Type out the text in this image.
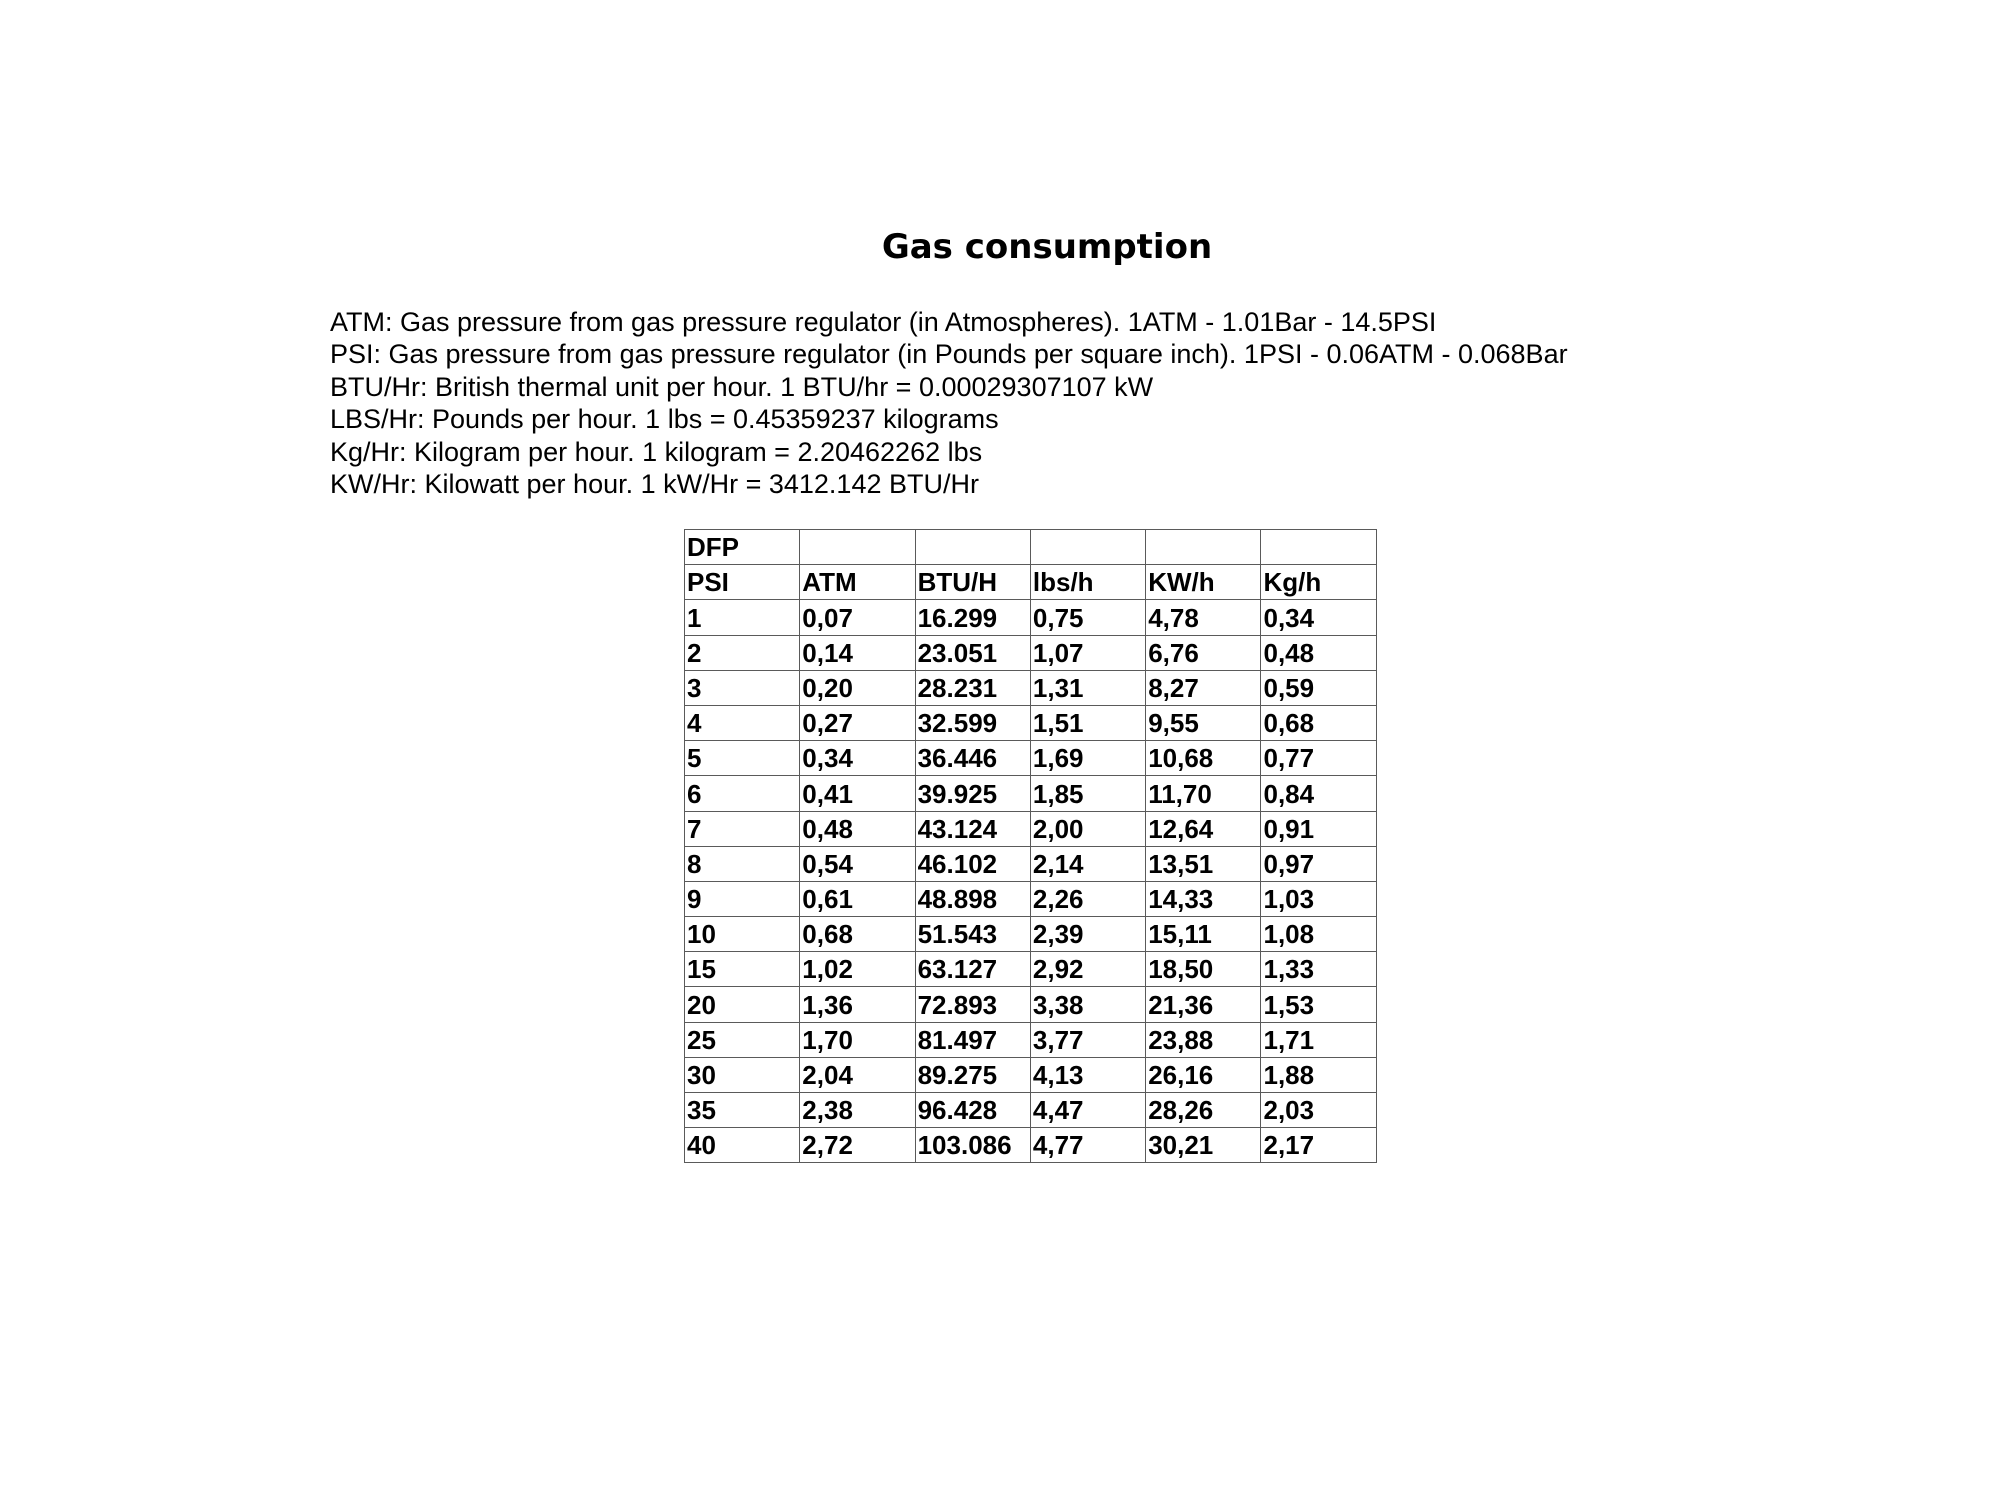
Gas consumption
ATM: Gas pressure from gas pressure regulator (in Atmospheres). 1ATM - 1.01Bar - 14.5PSI
PSI: Gas pressure from gas pressure regulator (in Pounds per square inch). 1PSI - 0.06ATM - 0.068Bar
BTU/Hr: British thermal unit per hour. 1 BTU/hr = 0.00029307107 kW
LBS/Hr: Pounds per hour. 1 lbs = 0.45359237 kilograms
Kg/Hr: Kilogram per hour. 1 kilogram = 2.20462262 lbs
KW/Hr: Kilowatt per hour. 1 kW/Hr = 3412.142 BTU/Hr
DFP					
PSI	ATM	BTU/H	lbs/h	KW/h	Kg/h
1	0,07	16.299	0,75	4,78	0,34
2	0,14	23.051	1,07	6,76	0,48
3	0,20	28.231	1,31	8,27	0,59
4	0,27	32.599	1,51	9,55	0,68
5	0,34	36.446	1,69	10,68	0,77
6	0,41	39.925	1,85	11,70	0,84
7	0,48	43.124	2,00	12,64	0,91
8	0,54	46.102	2,14	13,51	0,97
9	0,61	48.898	2,26	14,33	1,03
10	0,68	51.543	2,39	15,11	1,08
15	1,02	63.127	2,92	18,50	1,33
20	1,36	72.893	3,38	21,36	1,53
25	1,70	81.497	3,77	23,88	1,71
30	2,04	89.275	4,13	26,16	1,88
35	2,38	96.428	4,47	28,26	2,03
40	2,72	103.086	4,77	30,21	2,17
